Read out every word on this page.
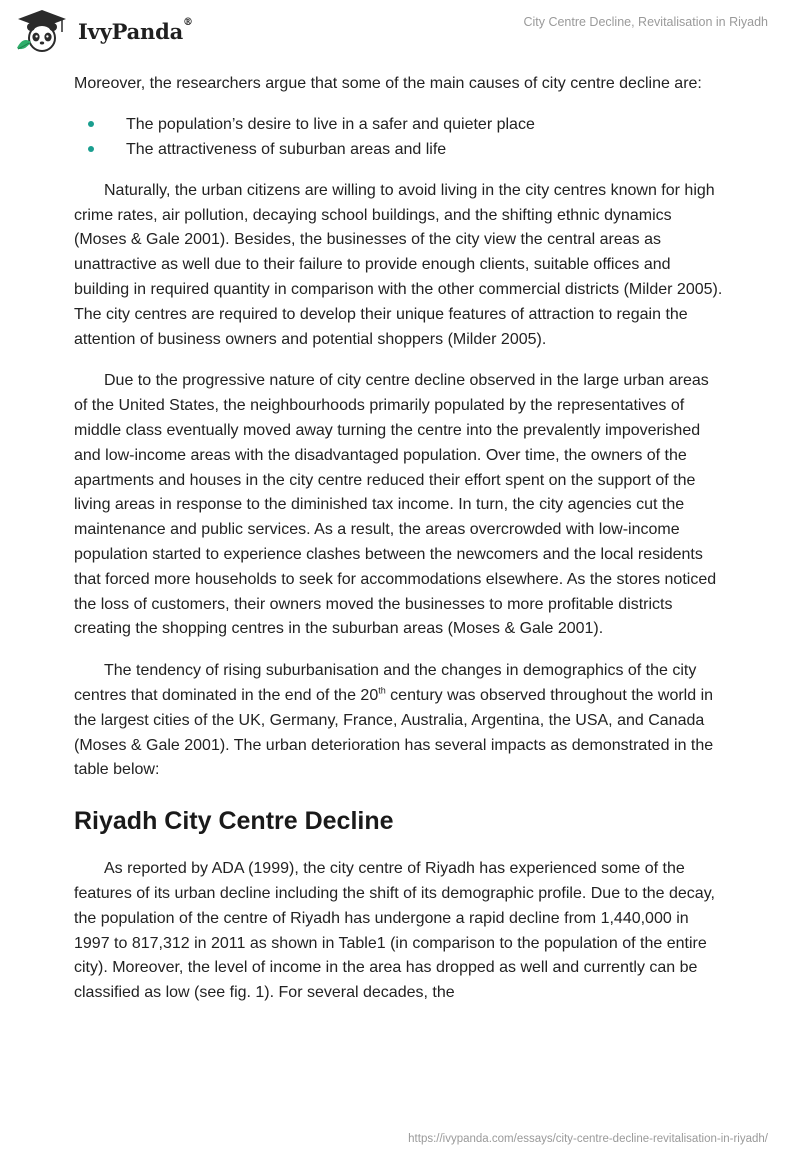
IvyPanda®	City Centre Decline, Revitalisation in Riyadh

Moreover, the researchers argue that some of the main causes of city centre decline are:

The population’s desire to live in a safer and quieter place
The attractiveness of suburban areas and life

Naturally, the urban citizens are willing to avoid living in the city centres known for high crime rates, air pollution, decaying school buildings, and the shifting ethnic dynamics (Moses & Gale 2001). Besides, the businesses of the city view the central areas as unattractive as well due to their failure to provide enough clients, suitable offices and building in required quantity in comparison with the other commercial districts (Milder 2005). The city centres are required to develop their unique features of attraction to regain the attention of business owners and potential shoppers (Milder 2005).

Due to the progressive nature of city centre decline observed in the large urban areas of the United States, the neighbourhoods primarily populated by the representatives of middle class eventually moved away turning the centre into the prevalently impoverished and low-income areas with the disadvantaged population. Over time, the owners of the apartments and houses in the city centre reduced their effort spent on the support of the living areas in response to the diminished tax income. In turn, the city agencies cut the maintenance and public services. As a result, the areas overcrowded with low-income population started to experience clashes between the newcomers and the local residents that forced more households to seek for accommodations elsewhere. As the stores noticed the loss of customers, their owners moved the businesses to more profitable districts creating the shopping centres in the suburban areas (Moses & Gale 2001).

The tendency of rising suburbanisation and the changes in demographics of the city centres that dominated in the end of the 20th century was observed throughout the world in the largest cities of the UK, Germany, France, Australia, Argentina, the USA, and Canada (Moses & Gale 2001). The urban deterioration has several impacts as demonstrated in the table below:

Riyadh City Centre Decline

As reported by ADA (1999), the city centre of Riyadh has experienced some of the features of its urban decline including the shift of its demographic profile. Due to the decay, the population of the centre of Riyadh has undergone a rapid decline from 1,440,000 in 1997 to 817,312 in 2011 as shown in Table1 (in comparison to the population of the entire city). Moreover, the level of income in the area has dropped as well and currently can be classified as low (see fig. 1). For several decades, the

https://ivypanda.com/essays/city-centre-decline-revitalisation-in-riyadh/
